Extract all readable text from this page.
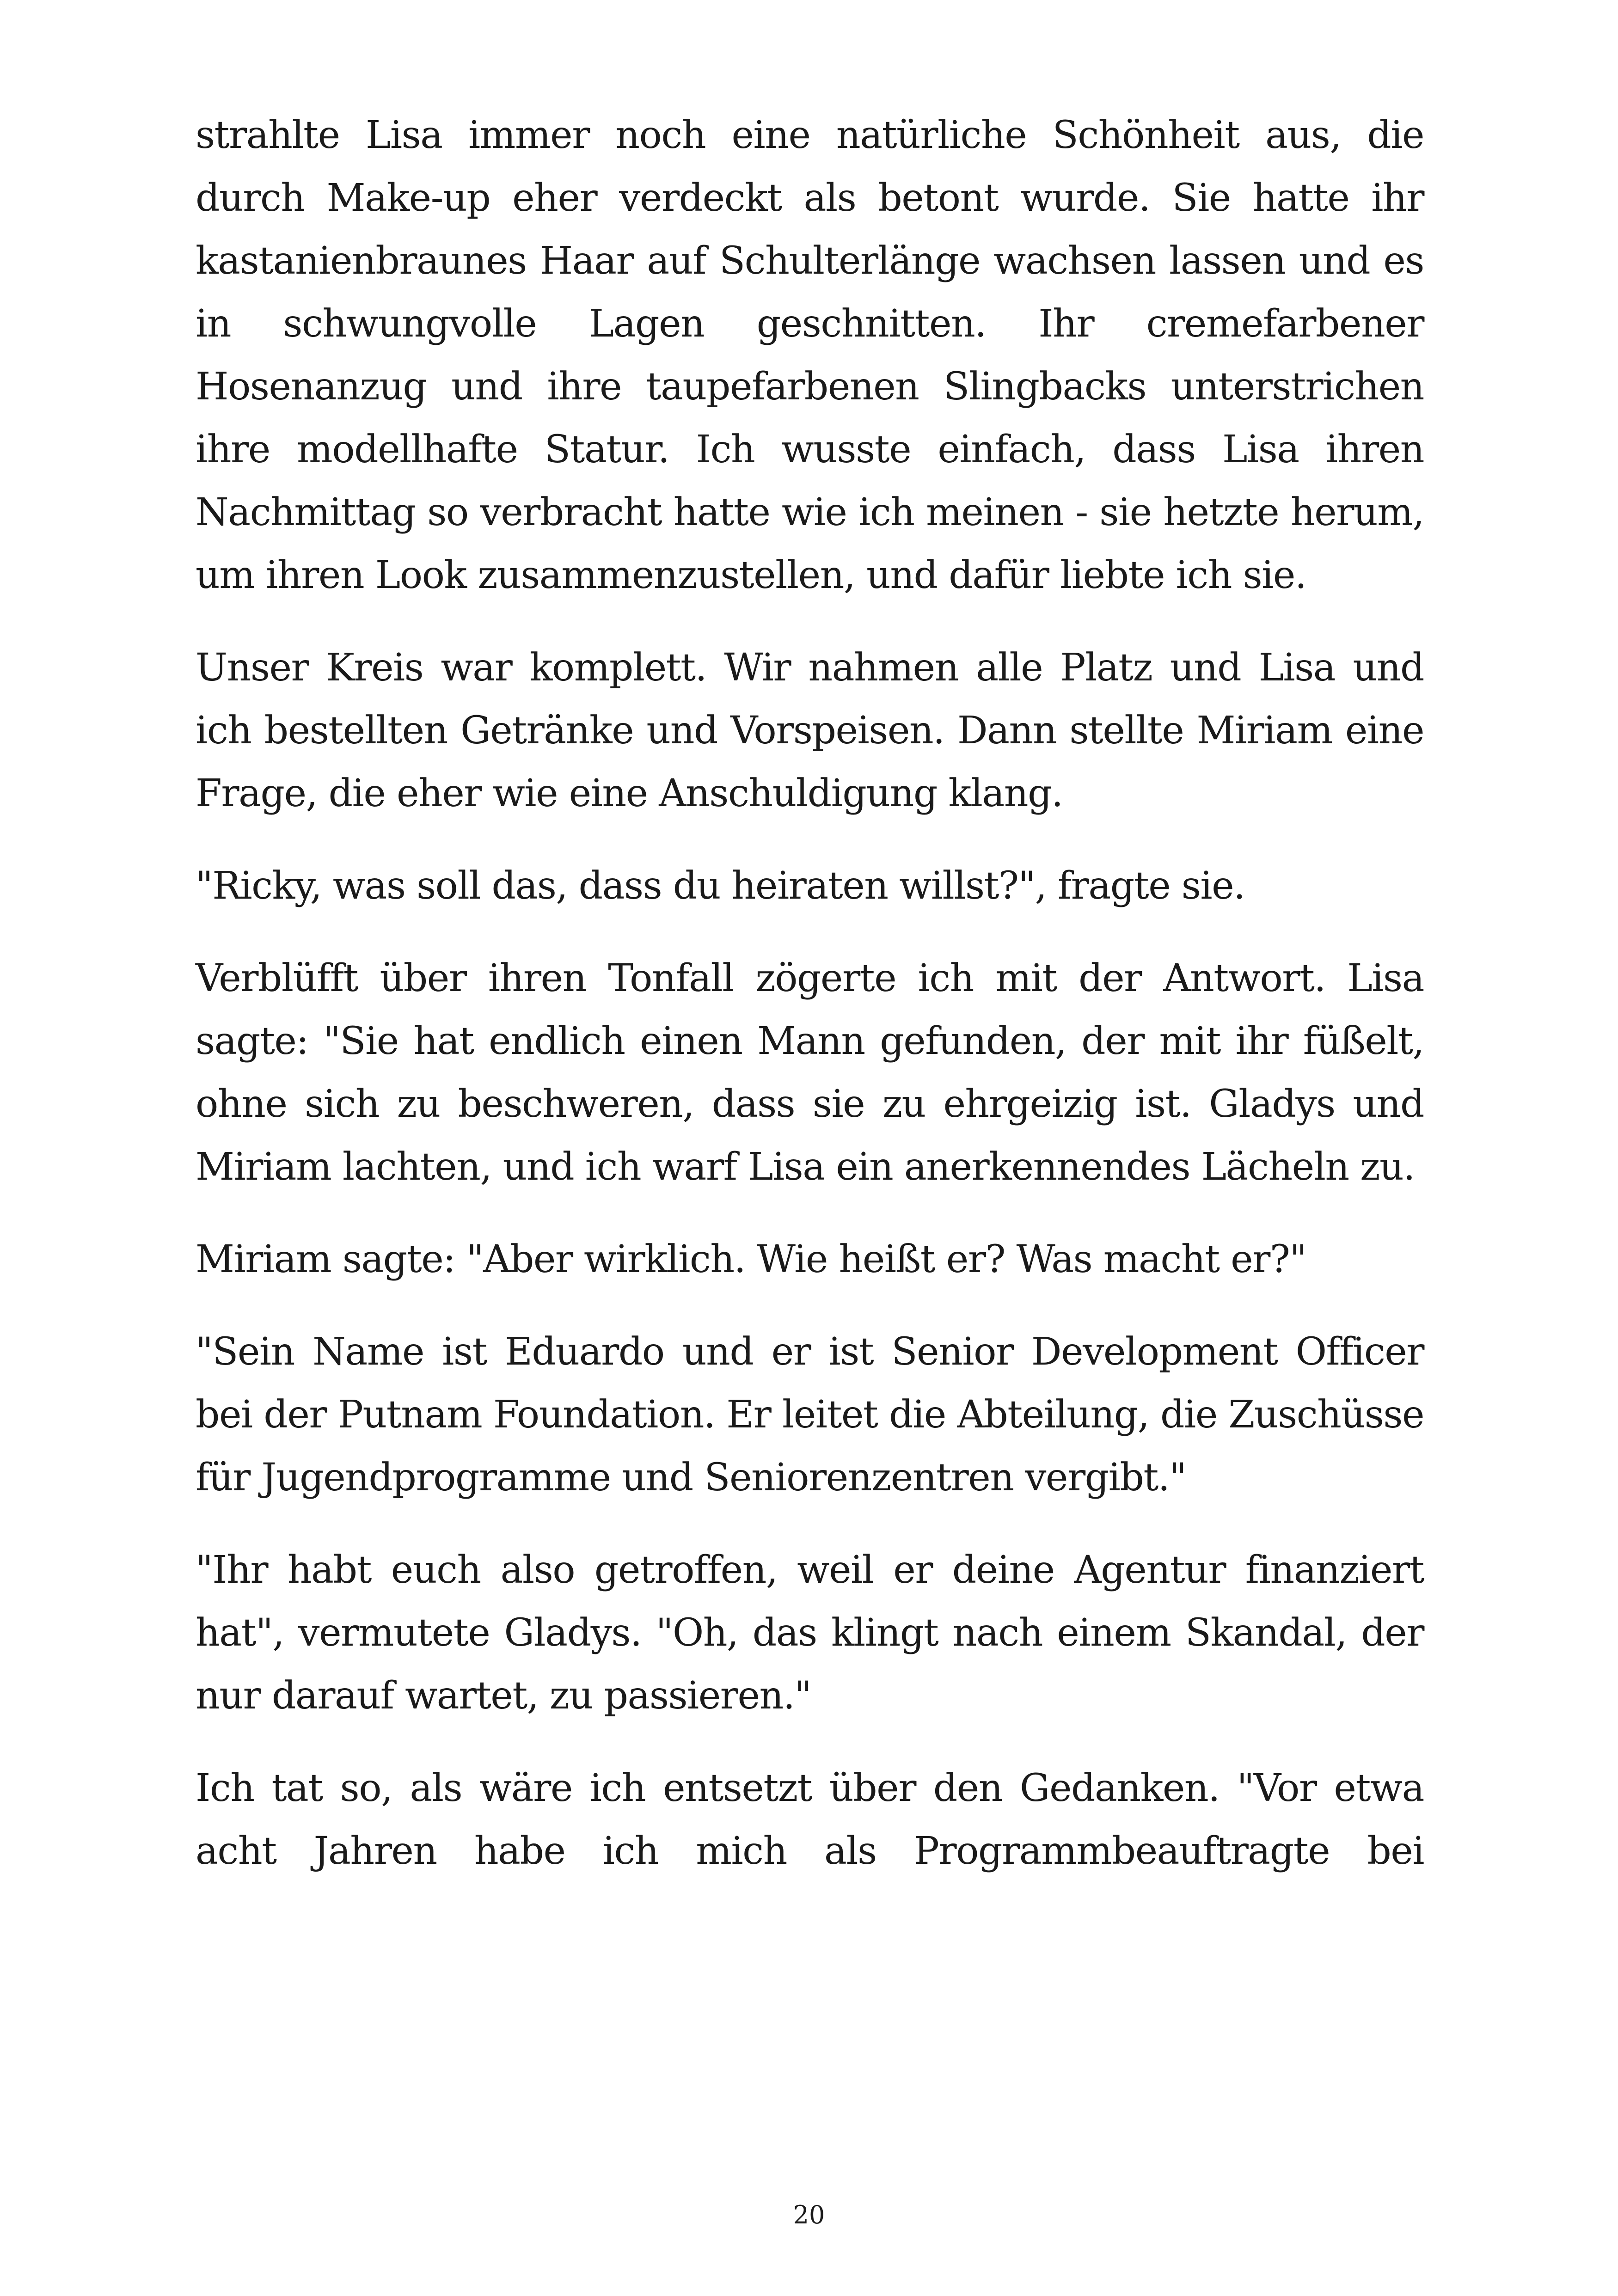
strahlte Lisa immer noch eine natürliche Schönheit aus, die durch Make-up eher verdeckt als betont wurde. Sie hatte ihr kastanienbraunes Haar auf Schulterlänge wachsen lassen und es in schwungvolle Lagen geschnitten. Ihr cremefarbener Hosenanzug und ihre taupefarbenen Slingbacks unterstrichen ihre modellhafte Statur. Ich wusste einfach, dass Lisa ihren Nachmittag so verbracht hatte wie ich meinen - sie hetzte herum, um ihren Look zusammenzustellen, und dafür liebte ich sie.

Unser Kreis war komplett. Wir nahmen alle Platz und Lisa und ich bestellten Getränke und Vorspeisen. Dann stellte Miriam eine Frage, die eher wie eine Anschuldigung klang.

"Ricky, was soll das, dass du heiraten willst?", fragte sie.

Verblüfft über ihren Tonfall zögerte ich mit der Antwort. Lisa sagte: "Sie hat endlich einen Mann gefunden, der mit ihr füßelt, ohne sich zu beschweren, dass sie zu ehrgeizig ist. Gladys und Miriam lachten, und ich warf Lisa ein anerkennendes Lächeln zu.

Miriam sagte: "Aber wirklich. Wie heißt er? Was macht er?"

"Sein Name ist Eduardo und er ist Senior Development Officer bei der Putnam Foundation. Er leitet die Abteilung, die Zuschüsse für Jugendprogramme und Seniorenzentren vergibt."

"Ihr habt euch also getroffen, weil er deine Agentur finanziert hat", vermutete Gladys. "Oh, das klingt nach einem Skandal, der nur darauf wartet, zu passieren."

Ich tat so, als wäre ich entsetzt über den Gedanken. "Vor etwa acht Jahren habe ich mich als Programmbeauftragte bei

20
